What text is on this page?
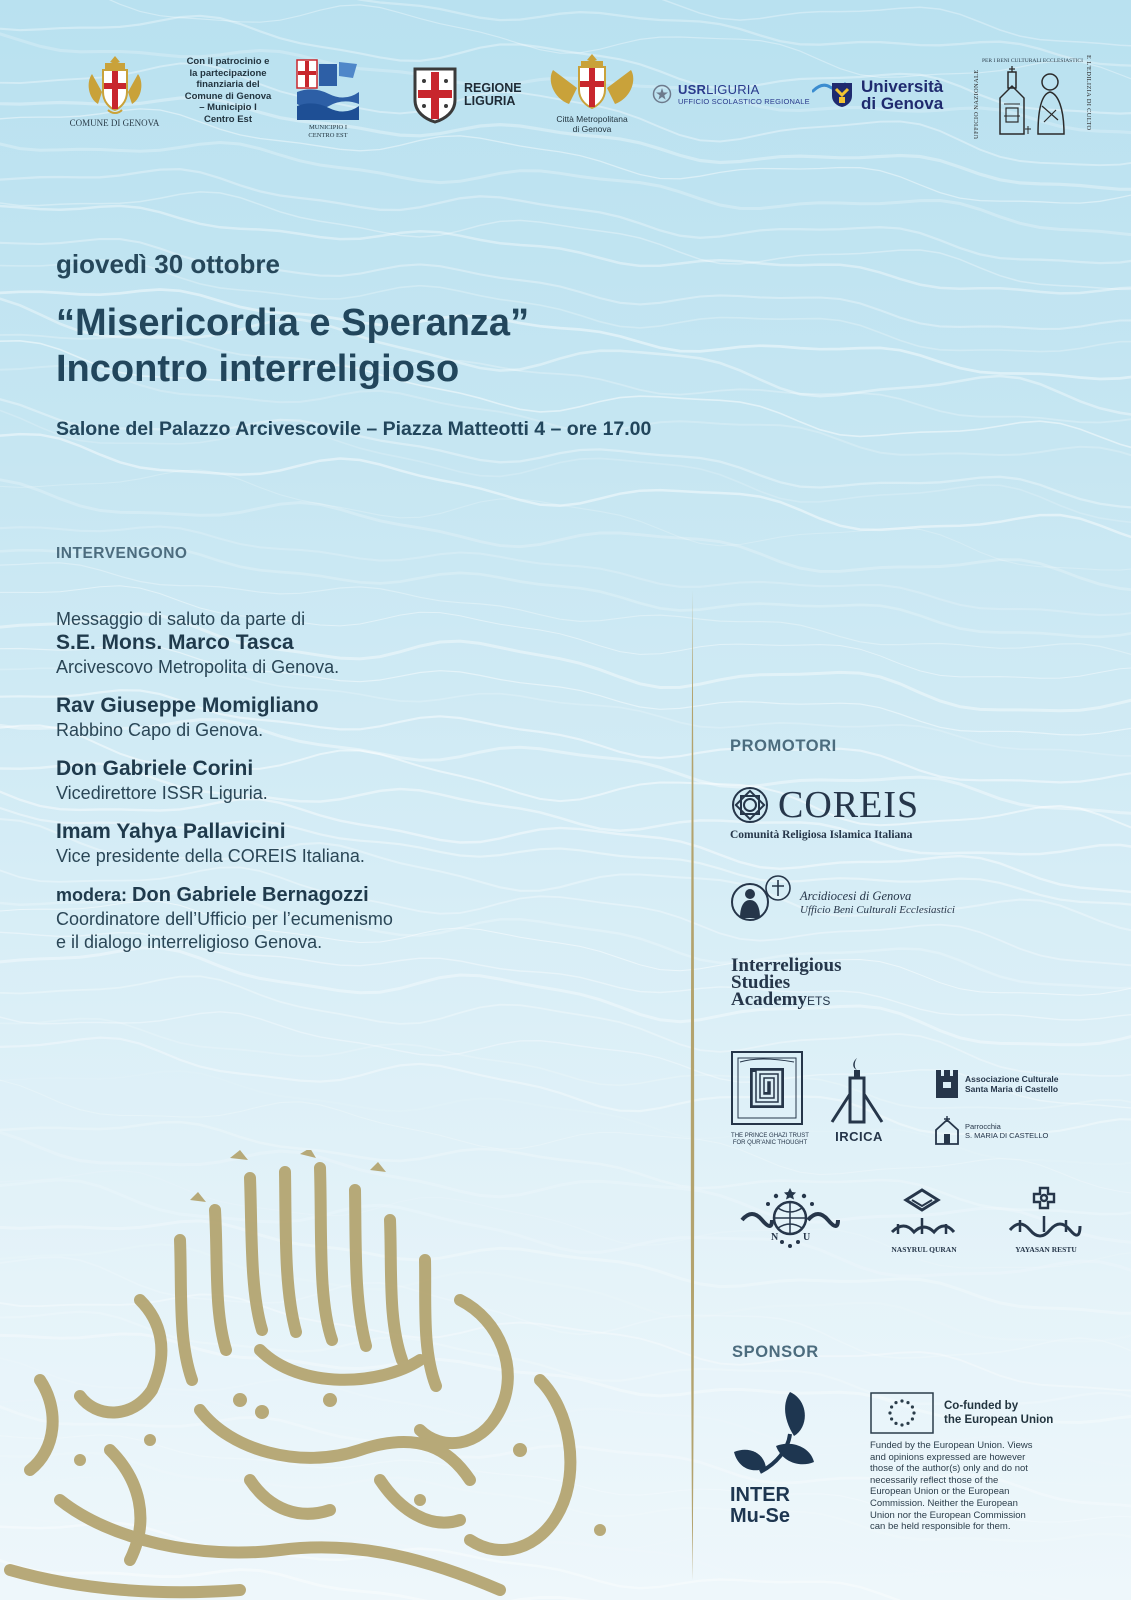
COMUNE DI GENOVA
Con il patrocinio e
la partecipazione
finanziaria del
Comune di Genova
– Municipio I
Centro Est
MUNICIPIO I
CENTRO EST
REGIONE
LIGURIA
Città Metropolitana
di Genova
USRLIGURIA
UFFICIO SCOLASTICO REGIONALE
Università
di Genova	UFFICIO NAZIONALE
PER I BENI CULTURALI ECCLESIASTICI E L'EDILIZIA DI CULTO
giovedì 30 ottobre
“Misericordia e Speranza”
Incontro interreligioso
Salone del Palazzo Arcivescovile – Piazza Matteotti 4 – ore 17.00
INTERVENGONO
Messaggio di saluto da parte di
S.E. Mons. Marco Tasca
Arcivescovo Metropolita di Genova.
Rav Giuseppe Momigliano
Rabbino Capo di Genova.
Don Gabriele Corini
Vicedirettore ISSR Liguria.
Imam Yahya Pallavicini
Vice presidente della COREIS Italiana.
modera: Don Gabriele Bernagozzi
Coordinatore dell’Ufficio per l’ecumenismo
e il dialogo interreligioso Genova.
PROMOTORI
COREIS
Comunità Religiosa Islamica Italiana
Arcidiocesi di Genova
Ufficio Beni Culturali Ecclesiastici
Interreligious
Studies
AcademyETS
THE PRINCE GHAZI TRUST
FOR QUR'ANIC THOUGHT	IRCICA
Associazione Culturale
Santa Maria di Castello
Parrocchia
S. MARIA DI CASTELLO
N U
NASYRUL QURAN	YAYASAN RESTU
SPONSOR
INTER
Mu-Se
Co-funded by
the European Union
Funded by the European Union. Views
and opinions expressed are however
those of the author(s) only and do not
necessarily reflect those of the
European Union or the European
Commission. Neither the European
Union nor the European Commission
can be held responsible for them.
